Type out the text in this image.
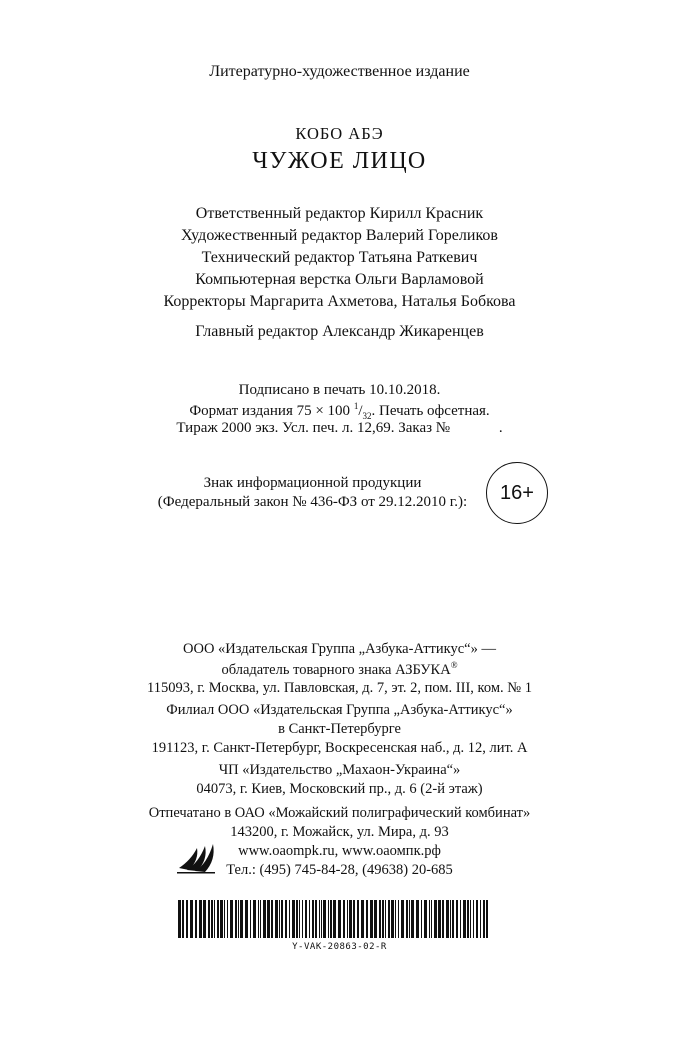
Литературно-художественное издание
КОБО АБЭ
ЧУЖОЕ ЛИЦО
Ответственный редактор Кирилл Красник
Художественный редактор Валерий Гореликов
Технический редактор Татьяна Раткевич
Компьютерная верстка Ольги Варламовой
Корректоры Маргарита Ахметова, Наталья Бобкова
Главный редактор Александр Жикаренцев
Подписано в печать 10.10.2018.
Формат издания 75 × 100 $^1/_{32}$. Печать офсетная.
Тираж 2000 экз. Усл. печ. л. 12,69. Заказ №             .
Знак информационной продукции
(Федеральный закон № 436-ФЗ от 29.12.2010 г.):	16+
ООО «Издательская Группа „Азбука-Аттикус“» —
обладатель товарного знака АЗБУКА®
115093, г. Москва, ул. Павловская, д. 7, эт. 2, пом. III, ком. № 1
Филиал ООО «Издательская Группа „Азбука-Аттикус“»
в Санкт-Петербурге
191123, г. Санкт-Петербург, Воскресенская наб., д. 12, лит. А
ЧП «Издательство „Махаон-Украина“»
04073, г. Киев, Московский пр., д. 6 (2-й этаж)
Отпечатано в ОАО «Можайский полиграфический комбинат»
143200, г. Можайск, ул. Мира, д. 93
www.oaompk.ru, www.оаомпк.рф
Тел.: (495) 745-84-28, (49638) 20-685
Y-VAK-20863-02-R
